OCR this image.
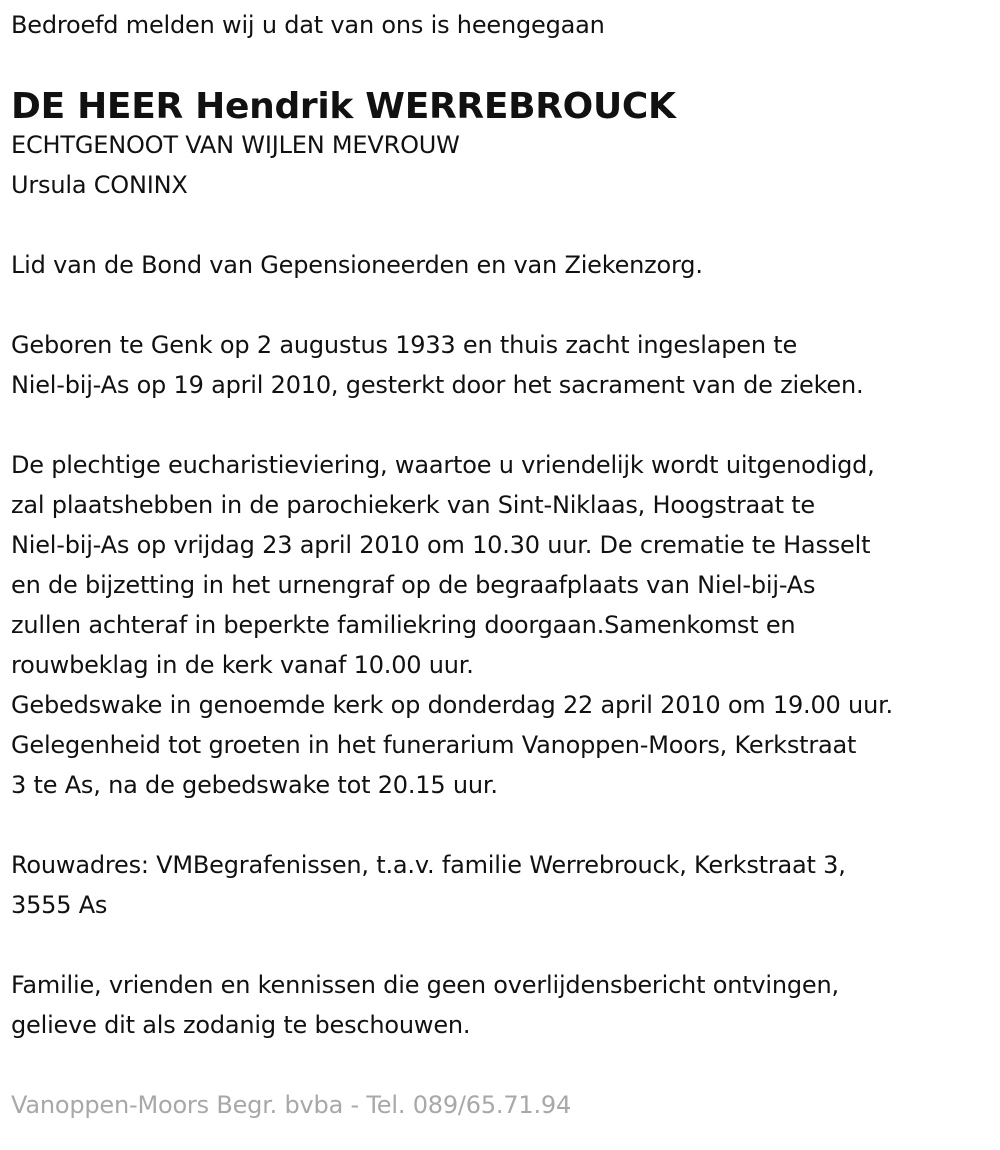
Bedroefd melden wij u dat van ons is heengegaan
DE HEER Hendrik WERREBROUCK
ECHTGENOOT VAN WIJLEN MEVROUW
Ursula CONINX
Lid van de Bond van Gepensioneerden en van Ziekenzorg.
Geboren te Genk op 2 augustus 1933 en thuis zacht ingeslapen te
Niel-bij-As op 19 april 2010, gesterkt door het sacrament van de zieken.
De plechtige eucharistieviering, waartoe u vriendelijk wordt uitgenodigd,
zal plaatshebben in de parochiekerk van Sint-Niklaas, Hoogstraat te
Niel-bij-As op vrijdag 23 april 2010 om 10.30 uur. De crematie te Hasselt
en de bijzetting in het urnengraf op de begraafplaats van Niel-bij-As
zullen achteraf in beperkte familiekring doorgaan.Samenkomst en
rouwbeklag in de kerk vanaf 10.00 uur.
Gebedswake in genoemde kerk op donderdag 22 april 2010 om 19.00 uur.
Gelegenheid tot groeten in het funerarium Vanoppen-Moors, Kerkstraat
3 te As, na de gebedswake tot 20.15 uur.
Rouwadres: VMBegrafenissen, t.a.v. familie Werrebrouck, Kerkstraat 3,
3555 As
Familie, vrienden en kennissen die geen overlijdensbericht ontvingen,
gelieve dit als zodanig te beschouwen.
Vanoppen-Moors Begr. bvba - Tel. 089/65.71.94
